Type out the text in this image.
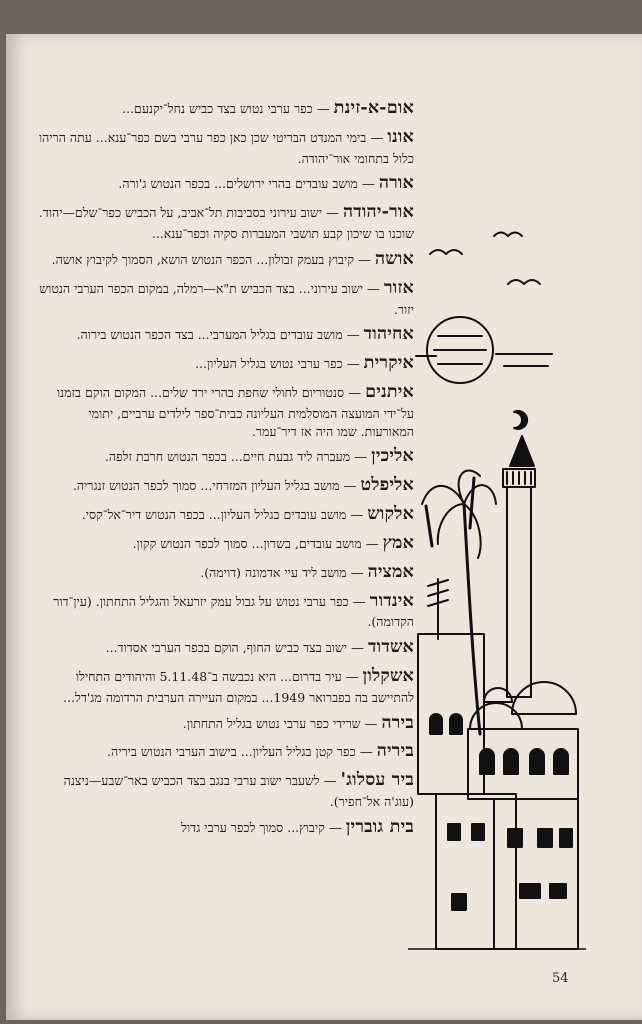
אום-א-זינת—כפר ערבי נטוש בצד כביש נחל־יקנעם...

אונו—בימי המנדט הבריטי שכן כאן כפר ערבי בשם כפר־ענא... עתה הריהו כלול בתחומי אור־יהודה.

אורה—מושב עובדים בהרי ירושלים... בכפר הנטוש ג'ורה.

אור-יהודה—ישוב עירוני בסביבות תל־אביב, על הכביש כפר־שלם—יהוד. שוכנו בו שיכון קבע תושבי המעברות סקיה וכפר־ענא...

אושה—קיבוץ בעמק זבולון... הכפר הנטוש הושא, הסמוך לקיבוץ אושה.

אזור—ישוב עירוני... בצד הכביש ת"א—רמלה, במקום הכפר הערבי הנטוש יזור.

אחיהוד—מושב עובדים בגליל המערבי... בצד הכפר הנטוש בירוה.

איקרית—כפר ערבי נטוש בגליל העליון...

איתנים—סנטוריום לחולי שחפת בהרי ירד שלים... המקום הוקם בזמנו על־ידי המועצה המוסלמית העליונה כבית־ספר לילדים ערביים, יתומי המאורעות. שמו היה אז דיר־עמר.

אליכין—מעברה ליד גבעת חיים... בכפר הנטוש חרבת זלפה.

אליפלט—מושב בגליל העליון המזרחי... סמוך לכפר הנטוש זנגריה.

אלקוש—מושב עובדים בגליל העליון... בכפר הנטוש דיר־אל־קסי.

אמץ—מושב עובדים, בשרון... סמוך לכפר הנטוש קקון.

אמציה—מושב ליד עיי אדמונה (דוימה).

אינדור—כפר ערבי נטוש על גבול עמק יזרעאל והגליל התחתון. (עין־דור הקדומה).

אשדוד—ישוב בצד כביש החוף, הוקם בכפר הערבי אסדוד...

אשקלון—עיר בדרום... היא נכבשה ב־5.11.48 והיהודים התחילו להתיישב בה בפברואר 1949... במקום העיירה הערבית הרדומה מג'דל...

בירה—שרידי כפר ערבי נטוש בגליל התחתון.

ביריה—כפר קטן בגליל העליון... בישוב הערבי הנטוש ביריה.

ביר עסלוג'—לשעבר ישוב ערבי בנגב בצד הכביש באר־שבע—ניצנה (עוג'ה אל־חפיר).

בית גוברין—קיבוץ... סמוך לכפר ערבי גדול

54
